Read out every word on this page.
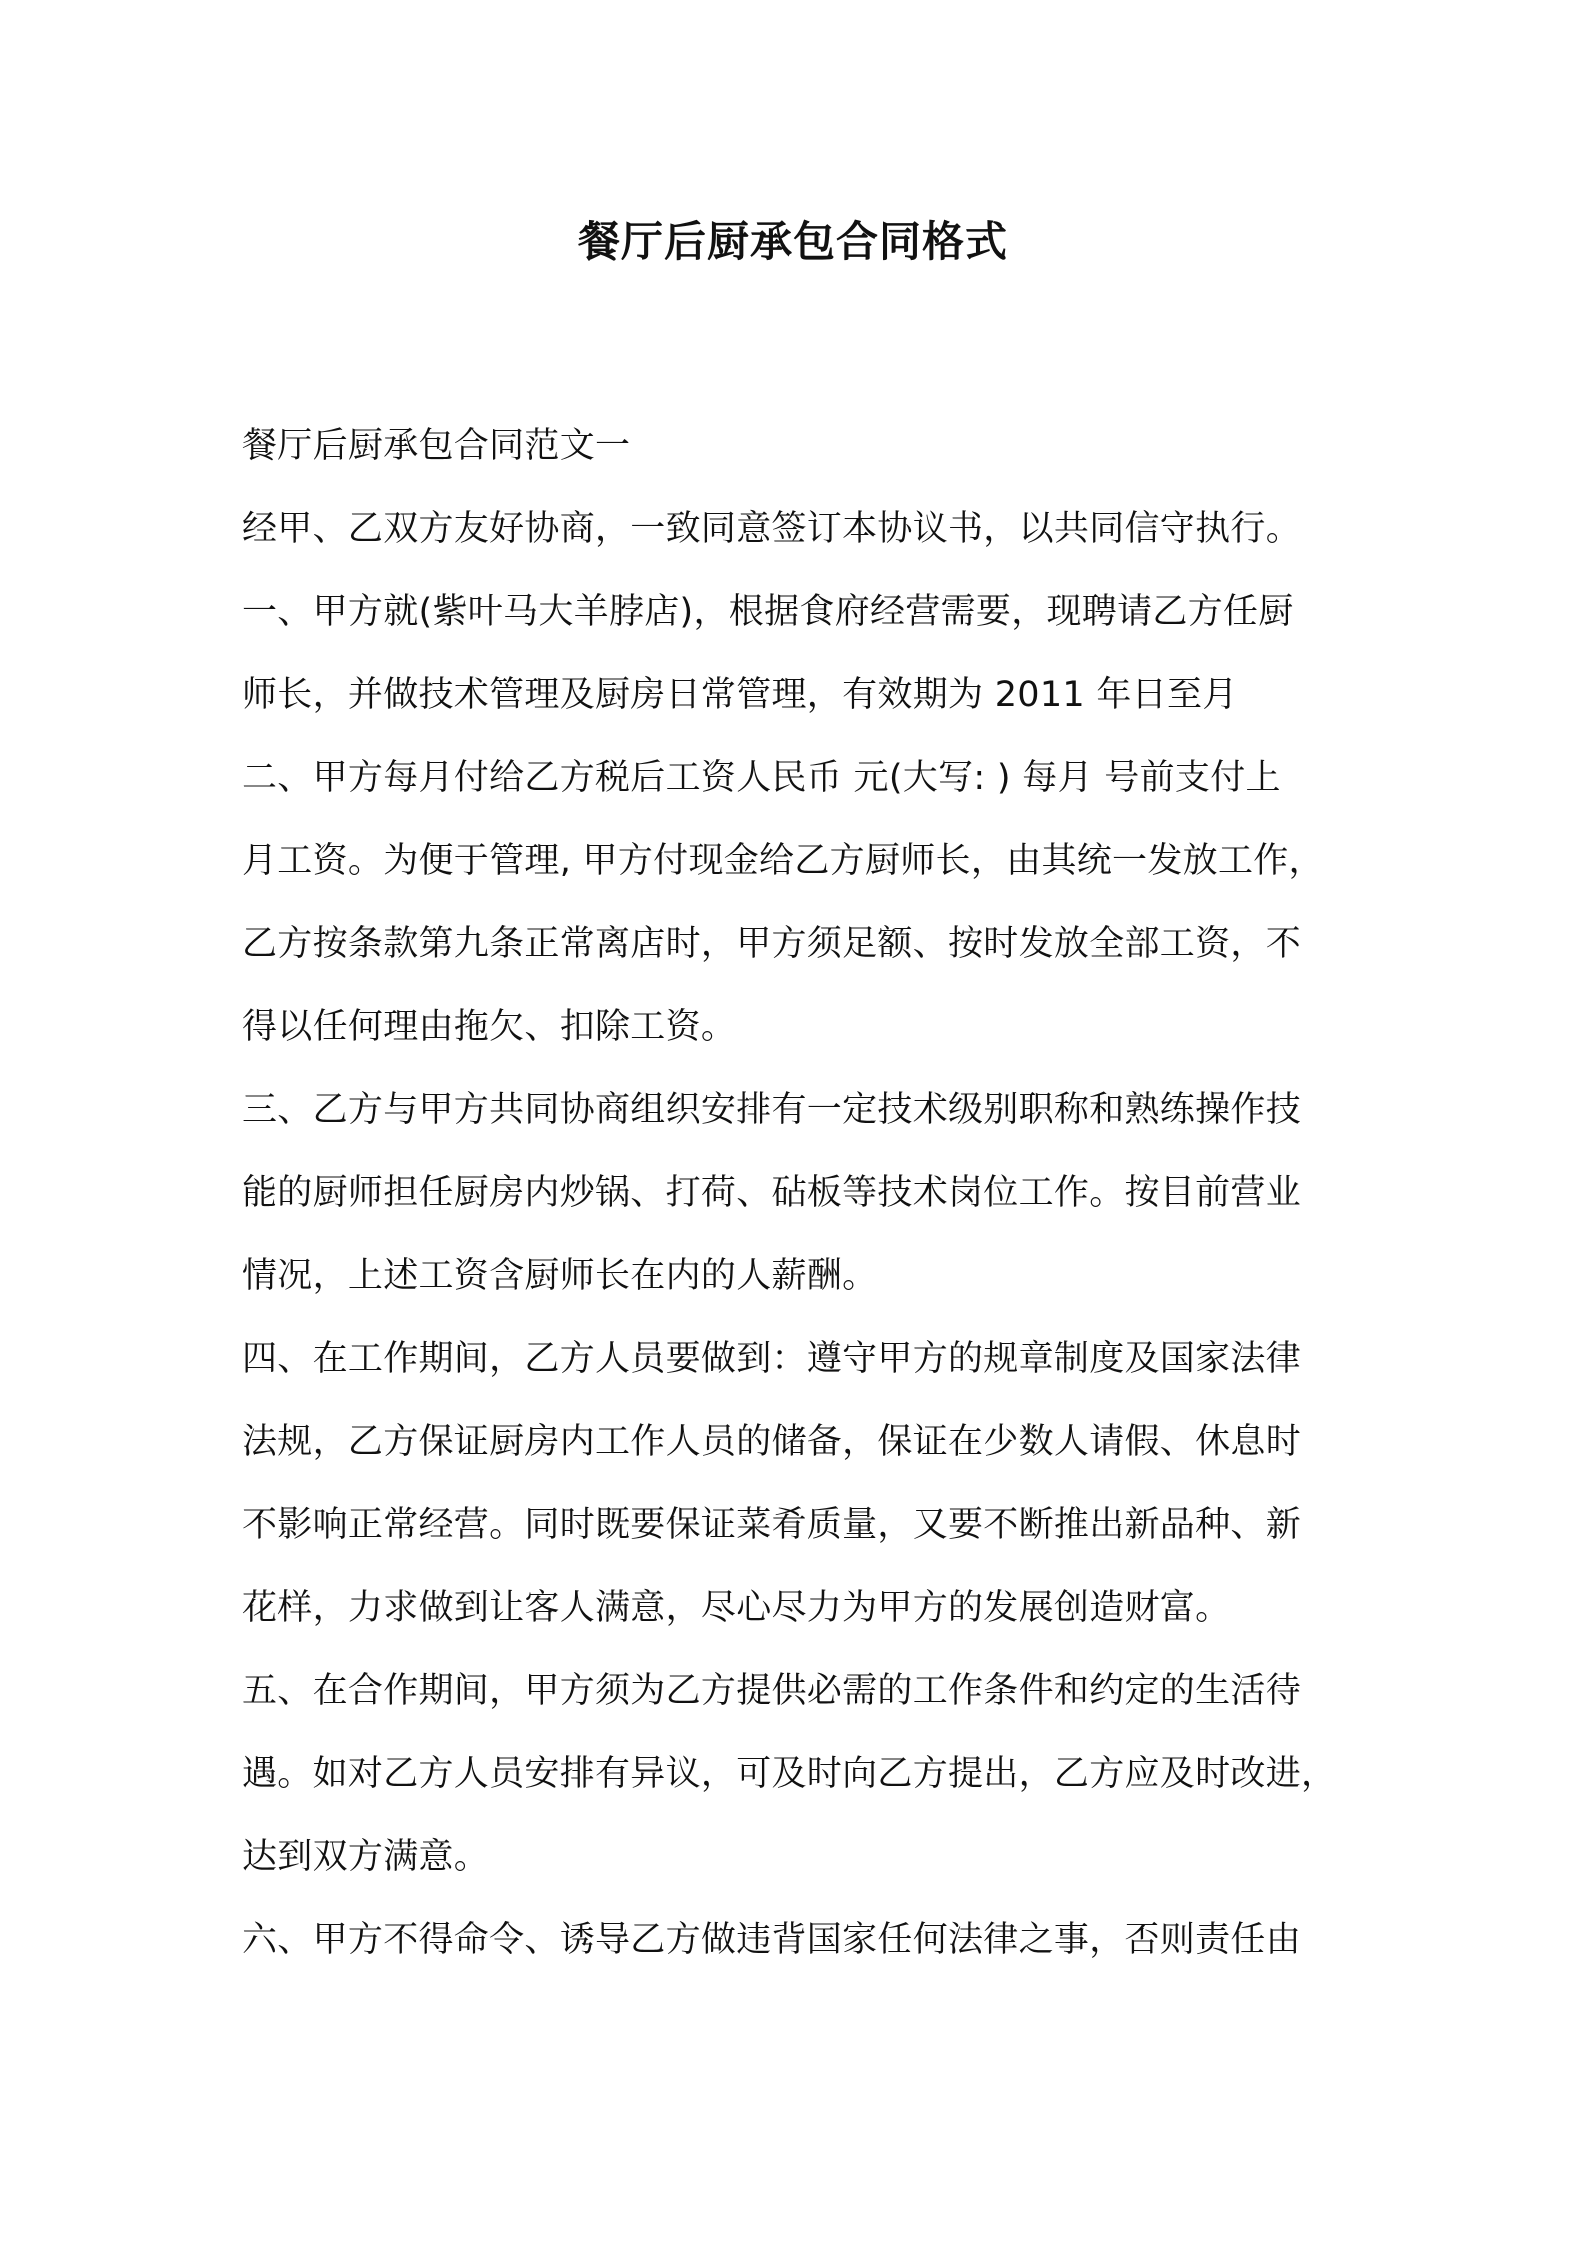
餐厅后厨承包合同格式
餐厅后厨承包合同范文一
经甲、乙双方友好协商，一致同意签订本协议书，以共同信守执行。
一、甲方就(紫叶马大羊脖店)，根据食府经营需要，现聘请乙方任厨
师长，并做技术管理及厨房日常管理，有效期为 2011 年日至月
二、甲方每月付给乙方税后工资人民币 元(大写: ) 每月 号前支付上
月工资。为便于管理, 甲方付现金给乙方厨师长，由其统一发放工作，
乙方按条款第九条正常离店时，甲方须足额、按时发放全部工资，不
得以任何理由拖欠、扣除工资。
三、乙方与甲方共同协商组织安排有一定技术级别职称和熟练操作技
能的厨师担任厨房内炒锅、打荷、砧板等技术岗位工作。按目前营业
情况，上述工资含厨师长在内的人薪酬。
四、在工作期间，乙方人员要做到：遵守甲方的规章制度及国家法律
法规，乙方保证厨房内工作人员的储备，保证在少数人请假、休息时
不影响正常经营。同时既要保证菜肴质量，又要不断推出新品种、新
花样，力求做到让客人满意，尽心尽力为甲方的发展创造财富。
五、在合作期间，甲方须为乙方提供必需的工作条件和约定的生活待
遇。如对乙方人员安排有异议，可及时向乙方提出，乙方应及时改进，
达到双方满意。
六、甲方不得命令、诱导乙方做违背国家任何法律之事，否则责任由
